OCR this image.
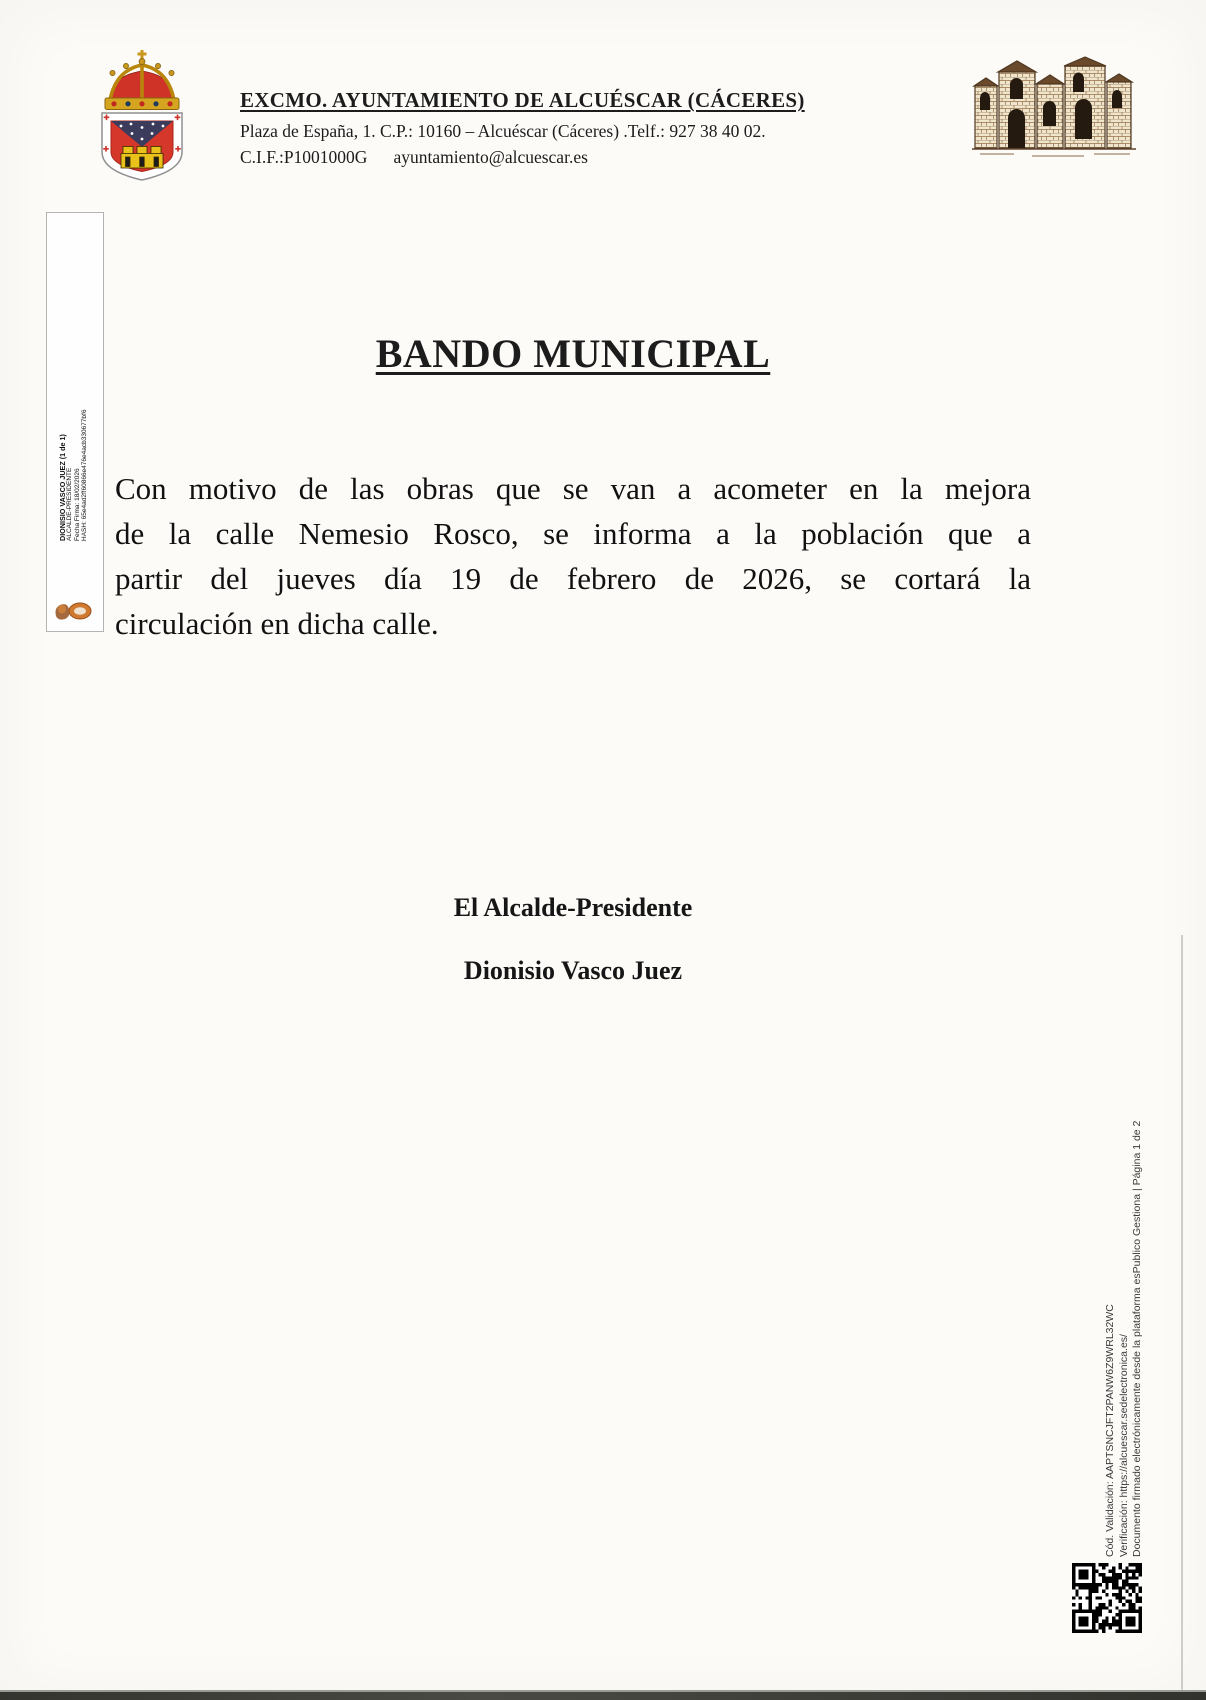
EXCMO. AYUNTAMIENTO DE ALCUÉSCAR (CÁCERES)
Plaza de España, 1. C.P.: 10160 – Alcuéscar (Cáceres) .Telf.: 927 38 40 02.
C.I.F.:P1001000G ayuntamiento@alcuescar.es
DIONISIO VASCO JUEZ (1 de 1) ALCALDE-PRESIDENTE Fecha Firma: 18/02/2026 HASH: 65e4ad2ff60866e476e4acb330677bf6
BANDO MUNICIPAL
Con motivo de las obras que se van a acometer en la mejora
de la calle Nemesio Rosco, se informa a la población que a
partir del jueves día 19 de febrero de 2026, se cortará la
circulación en dicha calle.
El Alcalde-Presidente
Dionisio Vasco Juez
Cód. Validación: AAPTSNCJFT2PANW6Z9WRL32WC Verificación: https://alcuescar.sedelectronica.es/ Documento firmado electrónicamente desde la plataforma esPublico Gestiona | Página 1 de 2
